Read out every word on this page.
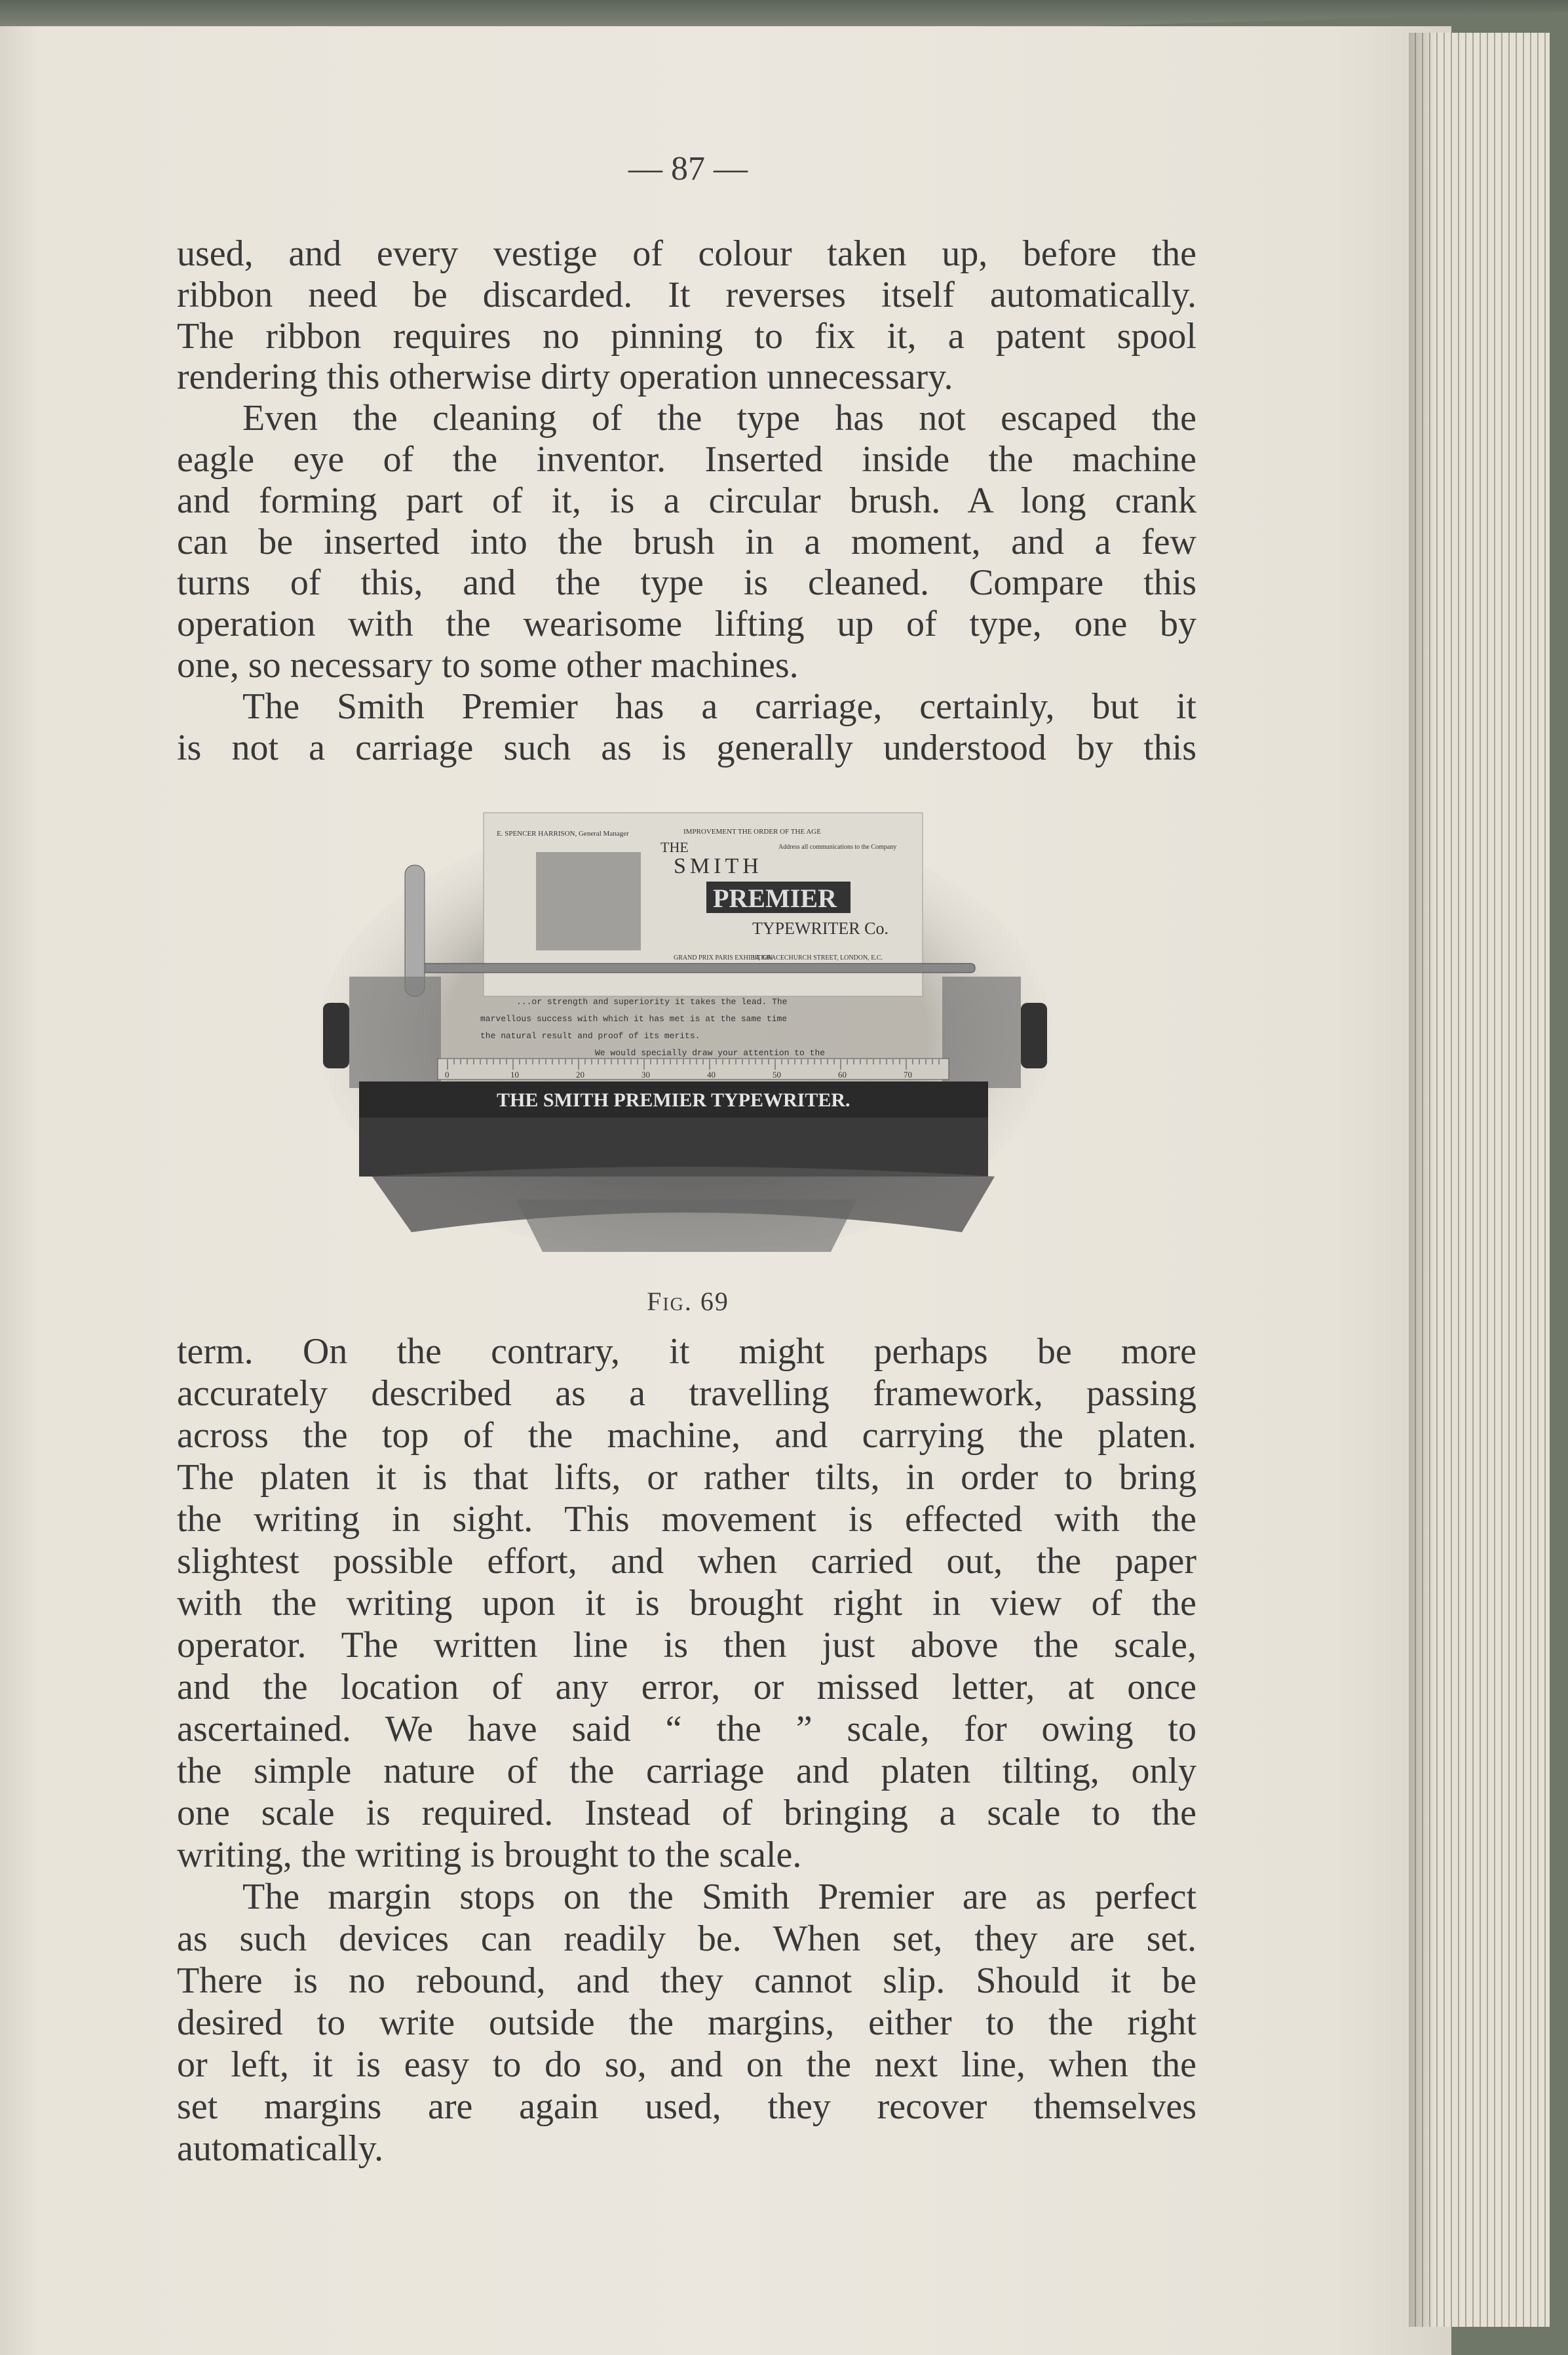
— 87 —
used, and every vestige of colour taken up, before the
ribbon need be discarded. It reverses itself automatically.
The ribbon requires no pinning to fix it, a patent spool
rendering this otherwise dirty operation unnecessary.
Even the cleaning of the type has not escaped the
eagle eye of the inventor. Inserted inside the machine
and forming part of it, is a circular brush. A long crank
can be inserted into the brush in a moment, and a few
turns of this, and the type is cleaned. Compare this
operation with the wearisome lifting up of type, one by
one, so necessary to some other machines.
The Smith Premier has a carriage, certainly, but it
is not a carriage such as is generally understood by this
E. SPENCER HARRISON, General Manager	IMPROVEMENT THE ORDER OF THE AGE
THE
SMITH
Address all communications to the Company
PREMIER
TYPEWRITER Co.
GRAND PRIX PARIS EXHIBITION
14, GRACECHURCH STREET, LONDON, E.C.
...or strength and superiority it takes the lead. The
marvellous success with which it has met is at the same time
the natural result and proof of its merits.
We would specially draw your attention to the
0	10	20	30	40	50	60	70
THE SMITH PREMIER TYPEWRITER.
Fig. 69
term. On the contrary, it might perhaps be more
accurately described as a travelling framework, passing
across the top of the machine, and carrying the platen.
The platen it is that lifts, or rather tilts, in order to bring
the writing in sight. This movement is effected with the
slightest possible effort, and when carried out, the paper
with the writing upon it is brought right in view of the
operator. The written line is then just above the scale,
and the location of any error, or missed letter, at once
ascertained. We have said “ the ” scale, for owing to
the simple nature of the carriage and platen tilting, only
one scale is required. Instead of bringing a scale to the
writing, the writing is brought to the scale.
The margin stops on the Smith Premier are as perfect
as such devices can readily be. When set, they are set.
There is no rebound, and they cannot slip. Should it be
desired to write outside the margins, either to the right
or left, it is easy to do so, and on the next line, when the
set margins are again used, they recover themselves
automatically.
